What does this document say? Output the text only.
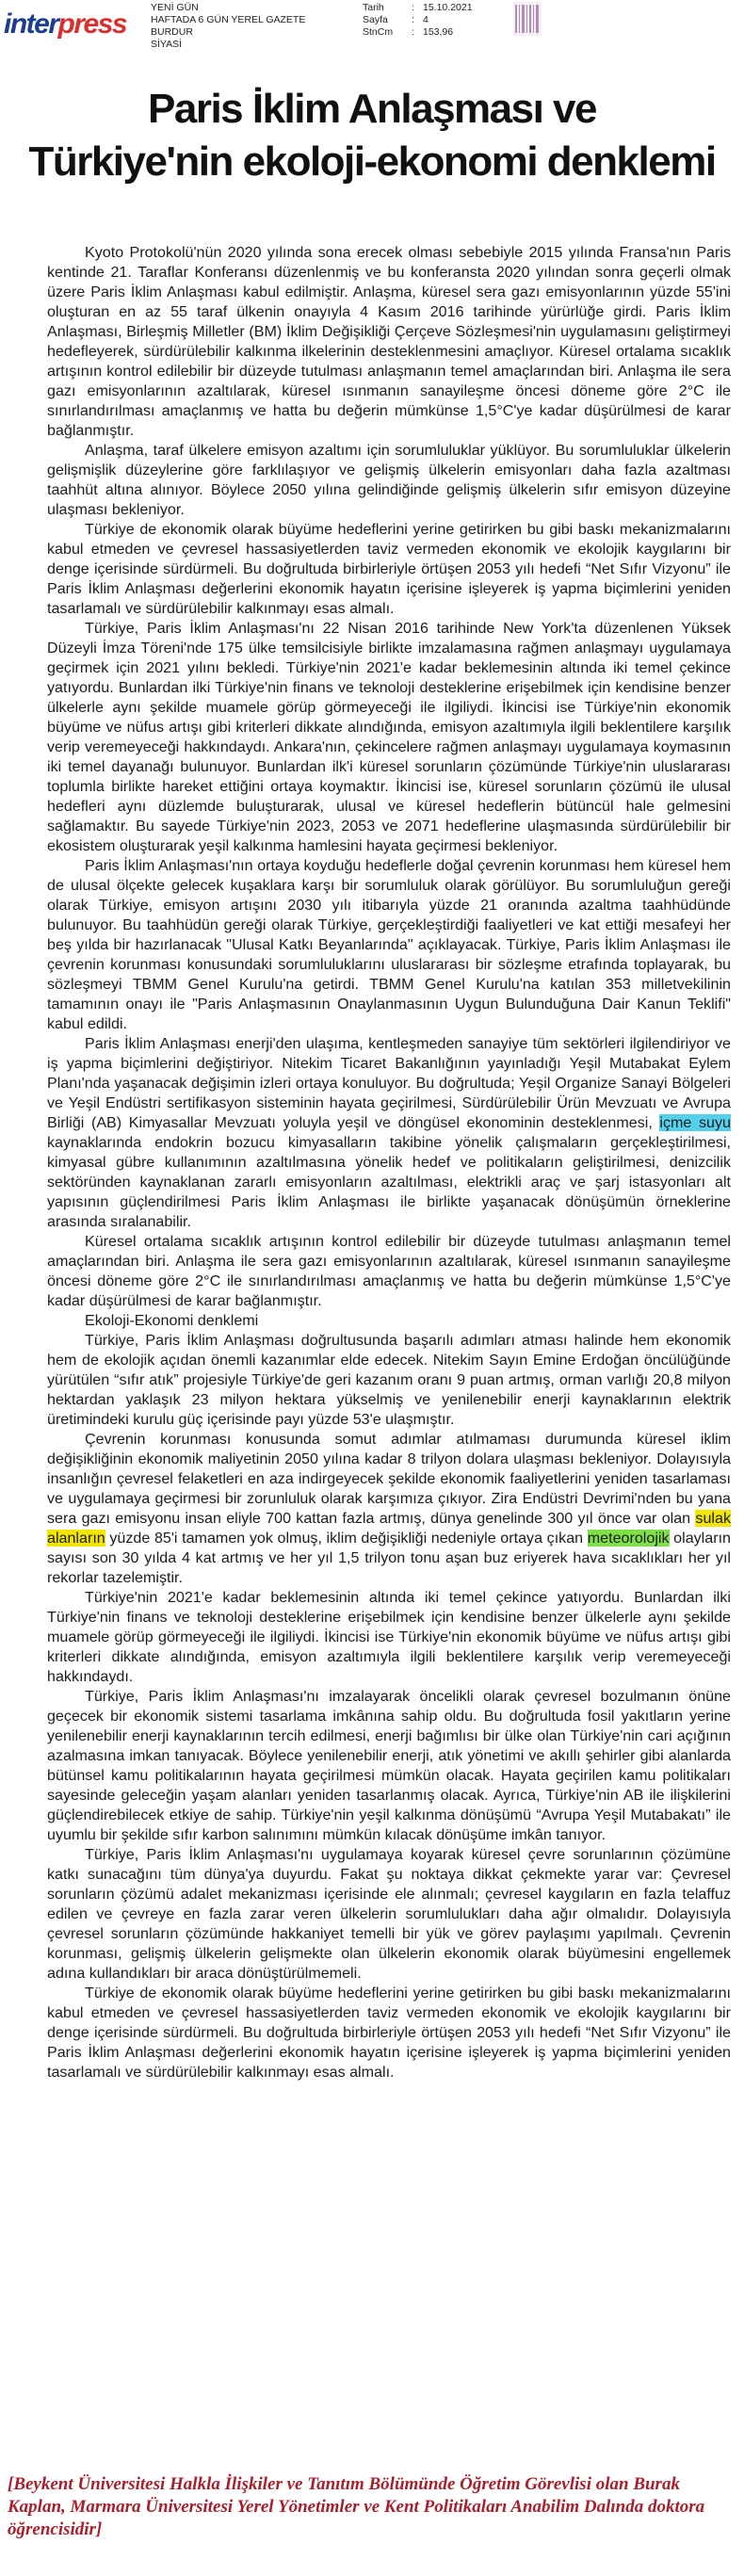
interpress
YENİ GÜN
HAFTADA 6 GÜN YEREL GAZETE
BURDUR
SİYASİ
Tarih	: 15.10.2021
Sayfa	: 4
StnCm	: 153,96
Paris İklim Anlaşması ve
Türkiye'nin ekoloji-ekonomi denklemi

Kyoto Protokolü'nün 2020 yılında sona erecek olması sebebiyle 2015 yılında Fransa'nın Paris kentinde 21. Taraflar Konferansı düzenlenmiş ve bu konferansta 2020 yılından sonra geçerli olmak üzere Paris İklim Anlaşması kabul edilmiştir. Anlaşma, küresel sera gazı emisyonlarının yüzde 55'ini oluşturan en az 55 taraf ülkenin onayıyla 4 Kasım 2016 tarihinde yürürlüğe girdi. Paris İklim Anlaşması, Birleşmiş Milletler (BM) İklim Değişikliği Çerçeve Sözleşmesi'nin uygulamasını geliştirmeyi hedefleyerek, sürdürülebilir kalkınma ilkelerinin desteklenmesini amaçlıyor. Küresel ortalama sıcaklık artışının kontrol edilebilir bir düzeyde tutulması anlaşmanın temel amaçlarından biri. Anlaşma ile sera gazı emisyonlarının azaltılarak, küresel ısınmanın sanayileşme öncesi döneme göre 2°C ile sınırlandırılması amaçlanmış ve hatta bu değerin mümkünse 1,5°C'ye kadar düşürülmesi de karar bağlanmıştır.

Anlaşma, taraf ülkelere emisyon azaltımı için sorumluluklar yüklüyor. Bu sorumluluklar ülkelerin gelişmişlik düzeylerine göre farklılaşıyor ve gelişmiş ülkelerin emisyonları daha fazla azaltması taahhüt altına alınıyor. Böylece 2050 yılına gelindiğinde gelişmiş ülkelerin sıfır emisyon düzeyine ulaşması bekleniyor.

Türkiye de ekonomik olarak büyüme hedeflerini yerine getirirken bu gibi baskı mekanizmalarını kabul etmeden ve çevresel hassasiyetlerden taviz vermeden ekonomik ve ekolojik kaygılarını bir denge içerisinde sürdürmeli. Bu doğrultuda birbirleriyle örtüşen 2053 yılı hedefi “Net Sıfır Vizyonu” ile Paris İklim Anlaşması değerlerini ekonomik hayatın içerisine işleyerek iş yapma biçimlerini yeniden tasarlamalı ve sürdürülebilir kalkınmayı esas almalı.

Türkiye, Paris İklim Anlaşması'nı 22 Nisan 2016 tarihinde New York'ta düzenlenen Yüksek Düzeyli İmza Töreni'nde 175 ülke temsilcisiyle birlikte imzalamasına rağmen anlaşmayı uygulamaya geçirmek için 2021 yılını bekledi. Türkiye'nin 2021'e kadar beklemesinin altında iki temel çekince yatıyordu. Bunlardan ilki Türkiye'nin finans ve teknoloji desteklerine erişebilmek için kendisine benzer ülkelerle aynı şekilde muamele görüp görmeyeceği ile ilgiliydi. İkincisi ise Türkiye'nin ekonomik büyüme ve nüfus artışı gibi kriterleri dikkate alındığında, emisyon azaltımıyla ilgili beklentilere karşılık verip veremeyeceği hakkındaydı. Ankara'nın, çekincelere rağmen anlaşmayı uygulamaya koymasının iki temel dayanağı bulunuyor. Bunlardan ilk'i küresel sorunların çözümünde Türkiye'nin uluslararası toplumla birlikte hareket ettiğini ortaya koymaktır. İkincisi ise, küresel sorunların çözümü ile ulusal hedefleri aynı düzlemde buluşturarak, ulusal ve küresel hedeflerin bütüncül hale gelmesini sağlamaktır. Bu sayede Türkiye'nin 2023, 2053 ve 2071 hedeflerine ulaşmasında sürdürülebilir bir ekosistem oluşturarak yeşil kalkınma hamlesini hayata geçirmesi bekleniyor.

Paris İklim Anlaşması'nın ortaya koyduğu hedeflerle doğal çevrenin korunması hem küresel hem de ulusal ölçekte gelecek kuşaklara karşı bir sorumluluk olarak görülüyor. Bu sorumluluğun gereği olarak Türkiye, emisyon artışını 2030 yılı itibarıyla yüzde 21 oranında azaltma taahhüdünde bulunuyor. Bu taahhüdün gereği olarak Türkiye, gerçekleştirdiği faaliyetleri ve kat ettiği mesafeyi her beş yılda bir hazırlanacak "Ulusal Katkı Beyanlarında" açıklayacak. Türkiye, Paris İklim Anlaşması ile çevrenin korunması konusundaki sorumluluklarını uluslararası bir sözleşme etrafında toplayarak, bu sözleşmeyi TBMM Genel Kurulu'na getirdi. TBMM Genel Kurulu'na katılan 353 milletvekilinin tamamının onayı ile "Paris Anlaşmasının Onaylanmasının Uygun Bulunduğuna Dair Kanun Teklifi" kabul edildi.

Paris İklim Anlaşması enerji'den ulaşıma, kentleşmeden sanayiye tüm sektörleri ilgilendiriyor ve iş yapma biçimlerini değiştiriyor. Nitekim Ticaret Bakanlığının yayınladığı Yeşil Mutabakat Eylem Planı'nda yaşanacak değişimin izleri ortaya konuluyor. Bu doğrultuda; Yeşil Organize Sanayi Bölgeleri ve Yeşil Endüstri sertifikasyon sisteminin hayata geçirilmesi, Sürdürülebilir Ürün Mevzuatı ve Avrupa Birliği (AB) Kimyasallar Mevzuatı yoluyla yeşil ve döngüsel ekonominin desteklenmesi, içme suyu kaynaklarında endokrin bozucu kimyasalların takibine yönelik çalışmaların gerçekleştirilmesi, kimyasal gübre kullanımının azaltılmasına yönelik hedef ve politikaların geliştirilmesi, denizcilik sektöründen kaynaklanan zararlı emisyonların azaltılması, elektrikli araç ve şarj istasyonları alt yapısının güçlendirilmesi Paris İklim Anlaşması ile birlikte yaşanacak dönüşümün örneklerine arasında sıralanabilir.

Küresel ortalama sıcaklık artışının kontrol edilebilir bir düzeyde tutulması anlaşmanın temel amaçlarından biri. Anlaşma ile sera gazı emisyonlarının azaltılarak, küresel ısınmanın sanayileşme öncesi döneme göre 2°C ile sınırlandırılması amaçlanmış ve hatta bu değerin mümkünse 1,5°C'ye kadar düşürülmesi de karar bağlanmıştır.

Ekoloji-Ekonomi denklemi

Türkiye, Paris İklim Anlaşması doğrultusunda başarılı adımları atması halinde hem ekonomik hem de ekolojik açıdan önemli kazanımlar elde edecek. Nitekim Sayın Emine Erdoğan öncülüğünde yürütülen “sıfır atık” projesiyle Türkiye'de geri kazanım oranı 9 puan artmış, orman varlığı 20,8 milyon hektardan yaklaşık 23 milyon hektara yükselmiş ve yenilenebilir enerji kaynaklarının elektrik üretimindeki kurulu güç içerisinde payı yüzde 53'e ulaşmıştır.

Çevrenin korunması konusunda somut adımlar atılmaması durumunda küresel iklim değişikliğinin ekonomik maliyetinin 2050 yılına kadar 8 trilyon dolara ulaşması bekleniyor. Dolayısıyla insanlığın çevresel felaketleri en aza indirgeyecek şekilde ekonomik faaliyetlerini yeniden tasarlaması ve uygulamaya geçirmesi bir zorunluluk olarak karşımıza çıkıyor. Zira Endüstri Devrimi'nden bu yana sera gazı emisyonu insan eliyle 700 kattan fazla artmış, dünya genelinde 300 yıl önce var olan sulak alanların yüzde 85'i tamamen yok olmuş, iklim değişikliği nedeniyle ortaya çıkan meteorolojik olayların sayısı son 30 yılda 4 kat artmış ve her yıl 1,5 trilyon tonu aşan buz eriyerek hava sıcaklıkları her yıl rekorlar tazelemiştir.

Türkiye'nin 2021'e kadar beklemesinin altında iki temel çekince yatıyordu. Bunlardan ilki Türkiye'nin finans ve teknoloji desteklerine erişebilmek için kendisine benzer ülkelerle aynı şekilde muamele görüp görmeyeceği ile ilgiliydi. İkincisi ise Türkiye'nin ekonomik büyüme ve nüfus artışı gibi kriterleri dikkate alındığında, emisyon azaltımıyla ilgili beklentilere karşılık verip veremeyeceği hakkındaydı.

Türkiye, Paris İklim Anlaşması'nı imzalayarak öncelikli olarak çevresel bozulmanın önüne geçecek bir ekonomik sistemi tasarlama imkânına sahip oldu. Bu doğrultuda fosil yakıtların yerine yenilenebilir enerji kaynaklarının tercih edilmesi, enerji bağımlısı bir ülke olan Türkiye'nin cari açığının azalmasına imkan tanıyacak. Böylece yenilenebilir enerji, atık yönetimi ve akıllı şehirler gibi alanlarda bütünsel kamu politikalarının hayata geçirilmesi mümkün olacak. Hayata geçirilen kamu politikaları sayesinde geleceğin yaşam alanları yeniden tasarlanmış olacak. Ayrıca, Türkiye'nin AB ile ilişkilerini güçlendirebilecek etkiye de sahip. Türkiye'nin yeşil kalkınma dönüşümü “Avrupa Yeşil Mutabakatı” ile uyumlu bir şekilde sıfır karbon salınımını mümkün kılacak dönüşüme imkân tanıyor.

Türkiye, Paris İklim Anlaşması'nı uygulamaya koyarak küresel çevre sorunlarının çözümüne katkı sunacağını tüm dünya'ya duyurdu. Fakat şu noktaya dikkat çekmekte yarar var: Çevresel sorunların çözümü adalet mekanizması içerisinde ele alınmalı; çevresel kaygıların en fazla telaffuz edilen ve çevreye en fazla zarar veren ülkelerin sorumlulukları daha ağır olmalıdır. Dolayısıyla çevresel sorunların çözümünde hakkaniyet temelli bir yük ve görev paylaşımı yapılmalı. Çevrenin korunması, gelişmiş ülkelerin gelişmekte olan ülkelerin ekonomik olarak büyümesini engellemek adına kullandıkları bir araca dönüştürülmemeli.

Türkiye de ekonomik olarak büyüme hedeflerini yerine getirirken bu gibi baskı mekanizmalarını kabul etmeden ve çevresel hassasiyetlerden taviz vermeden ekonomik ve ekolojik kaygılarını bir denge içerisinde sürdürmeli. Bu doğrultuda birbirleriyle örtüşen 2053 yılı hedefi “Net Sıfır Vizyonu” ile Paris İklim Anlaşması değerlerini ekonomik hayatın içerisine işleyerek iş yapma biçimlerini yeniden tasarlamalı ve sürdürülebilir kalkınmayı esas almalı.

[Beykent Üniversitesi Halkla İlişkiler ve Tanıtım Bölümünde Öğretim Görevlisi olan Burak Kaplan, Marmara Üniversitesi Yerel Yönetimler ve Kent Politikaları Anabilim Dalında doktora öğrencisidir]
